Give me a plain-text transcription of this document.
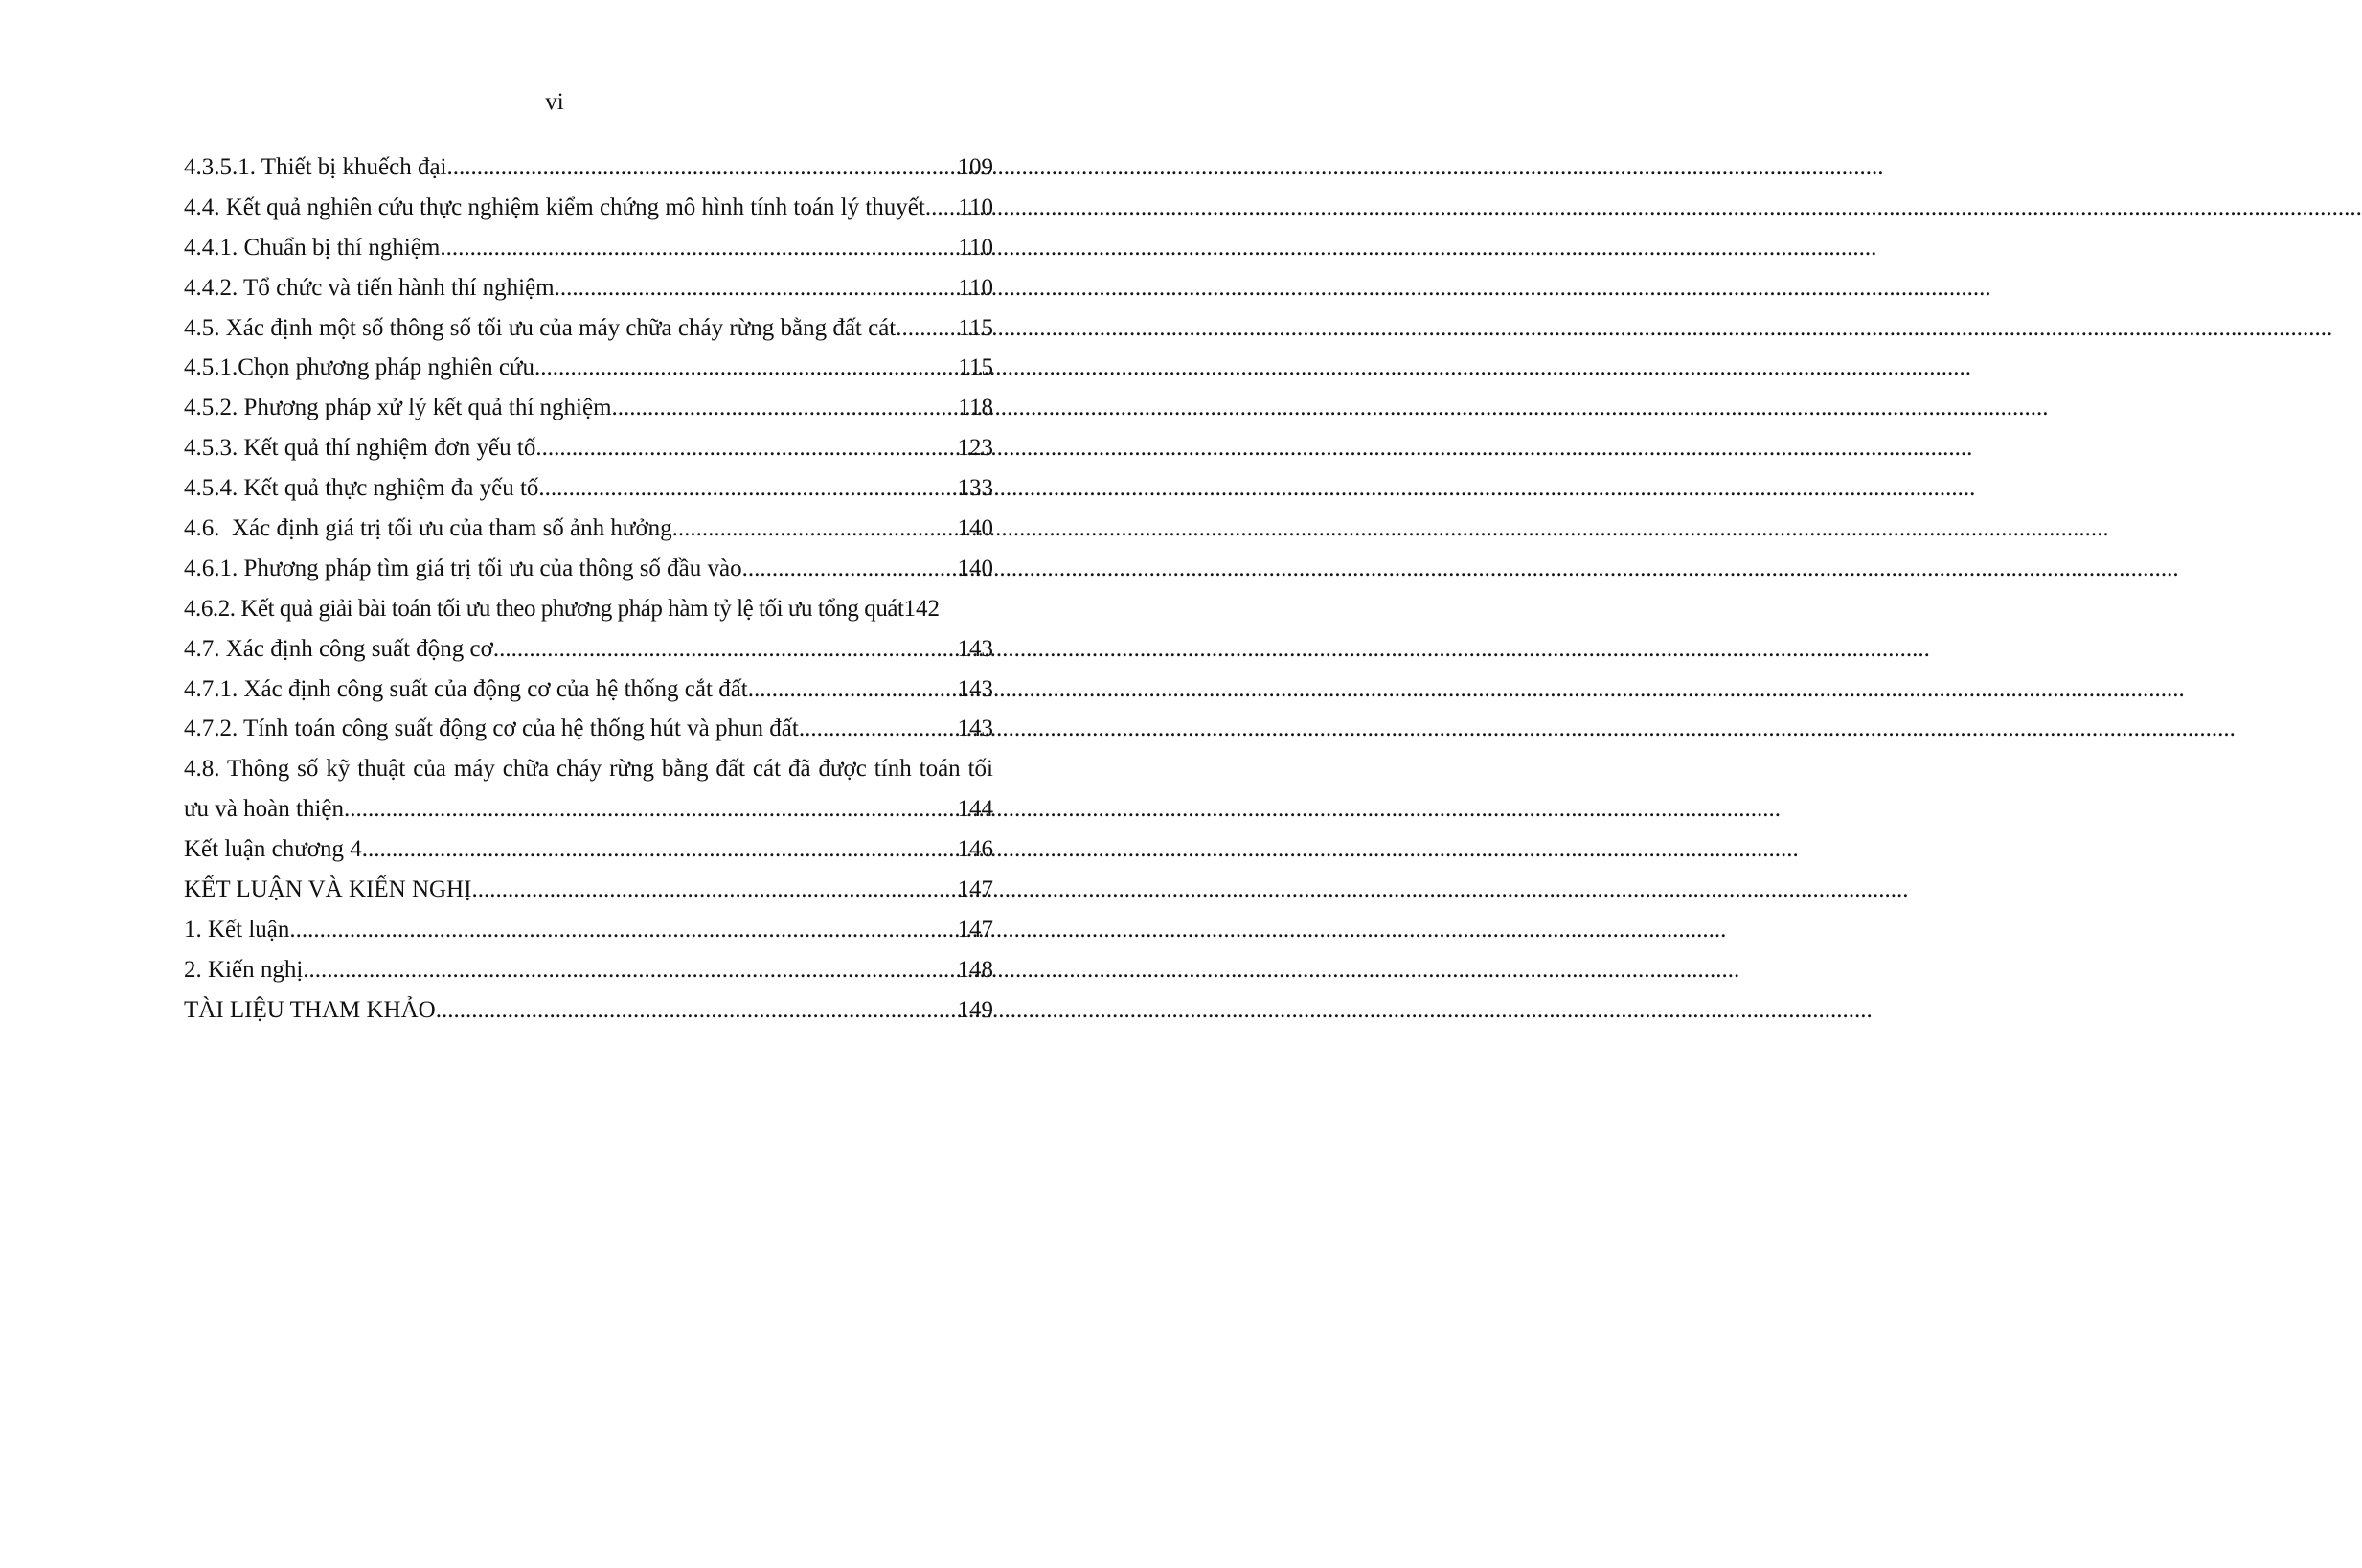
vi
4.3.5.1. Thiết bị khuếch đại .....	109
4.4. Kết quả nghiên cứu thực nghiệm kiểm chứng mô hình tính toán lý thuyết ..... 110
4.4.1. Chuẩn bị thí nghiệm .....	110
4.4.2. Tổ chức và tiến hành thí nghiệm .....	110
4.5. Xác định một số thông số tối ưu của máy chữa cháy rừng bằng đất cát .....	115
4.5.1.Chọn phương pháp nghiên cứu .....	115
4.5.2. Phương pháp xử lý kết quả thí nghiệm .....	118
4.5.3. Kết quả thí nghiệm đơn yếu tố .....	123
4.5.4. Kết quả thực nghiệm đa yếu tố .....	133
4.6.  Xác định giá trị tối ưu của tham số ảnh hưởng .....	140
4.6.1. Phương pháp tìm giá trị tối ưu của thông số đầu vào .....	140
4.6.2. Kết quả giải bài toán tối ưu theo phương pháp hàm tỷ lệ tối ưu tổng quát 142
4.7. Xác định công suất động cơ .....	143
4.7.1. Xác định công suất của động cơ của hệ thống cắt đất .....	143
4.7.2. Tính toán công suất động cơ của hệ thống hút và phun đất .....	143
4.8. Thông số kỹ thuật của máy chữa cháy rừng bằng đất cát đã được tính toán tối
ưu và hoàn thiện .....	144
Kết luận chương 4 .....	146
KẾT LUẬN VÀ KIẾN NGHỊ .....	147
1. Kết luận .....	147
2. Kiến nghị .....	148
TÀI LIỆU THAM KHẢO .....	149
